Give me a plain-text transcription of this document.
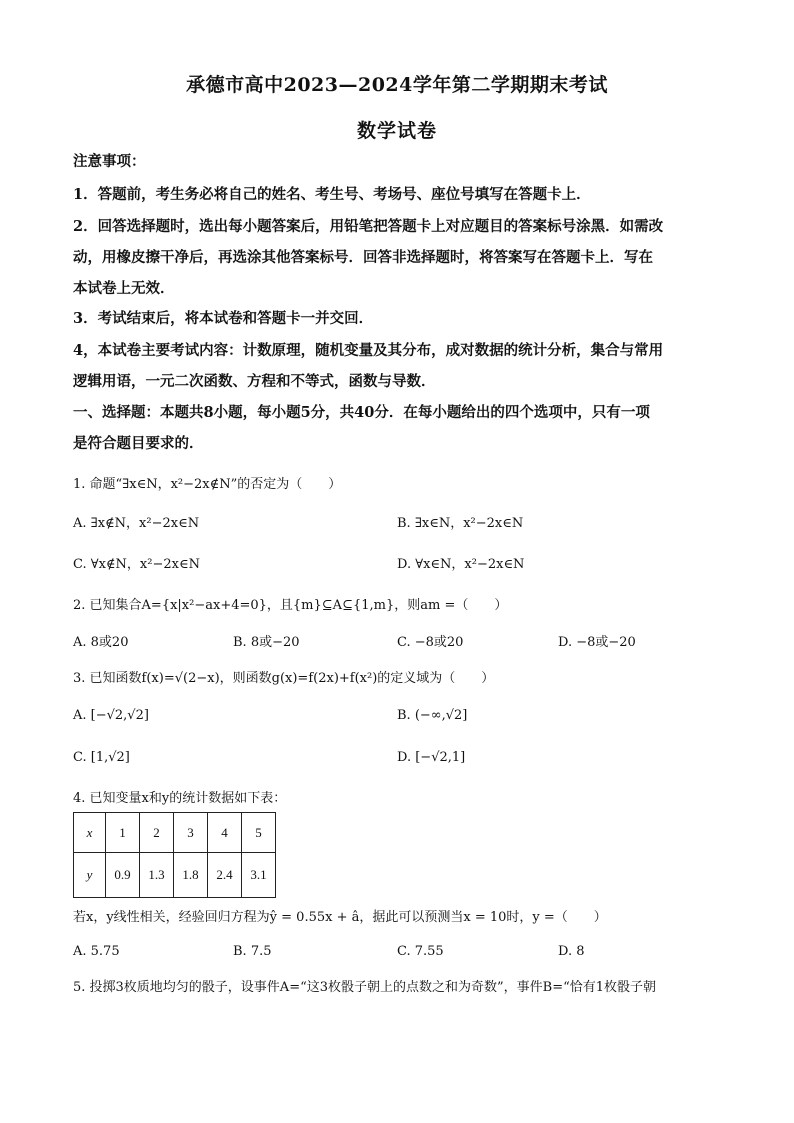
承德市高中2023—2024学年第二学期期末考试
数学试卷
注意事项：
1．答题前，考生务必将自己的姓名、考生号、考场号、座位号填写在答题卡上．
2．回答选择题时，选出每小题答案后，用铅笔把答题卡上对应题目的答案标号涂黑．如需改
动，用橡皮擦干净后，再选涂其他答案标号．回答非选择题时，将答案写在答题卡上．写在
本试卷上无效．
3．考试结束后，将本试卷和答题卡一并交回．
4，本试卷主要考试内容：计数原理，随机变量及其分布，成对数据的统计分析，集合与常用
逻辑用语，一元二次函数、方程和不等式，函数与导数．
一、选择题：本题共8小题，每小题5分，共40分．在每小题给出的四个选项中，只有一项
是符合题目要求的．
1. 命题“∃x∈N，x²−2x∉N”的否定为（　　）
A. ∃x∉N，x²−2x∈N	B. ∃x∈N，x²−2x∈N
C. ∀x∉N，x²−2x∈N	D. ∀x∈N，x²−2x∈N
2. 已知集合A={x|x²−ax+4=0}，且{m}⊆A⊆{1,m}，则am =（　　）
A. 8或20	B. 8或−20	C. −8或20	D. −8或−20
3. 已知函数f(x)=√(2−x)，则函数g(x)=f(2x)+f(x²)的定义域为（　　）
A. [−√2,√2]	B. (−∞,√2]
C. [1,√2]	D. [−√2,1]
4. 已知变量x和y的统计数据如下表：
x	1	2	3	4	5
y	0.9	1.3	1.8	2.4	3.1
若x，y线性相关，经验回归方程为ŷ = 0.55x + â，据此可以预测当x = 10时，y =（　　）
A. 5.75	B. 7.5	C. 7.55	D. 8
5. 投掷3枚质地均匀的骰子，设事件A=“这3枚骰子朝上的点数之和为奇数”，事件B=“恰有1枚骰子朝
